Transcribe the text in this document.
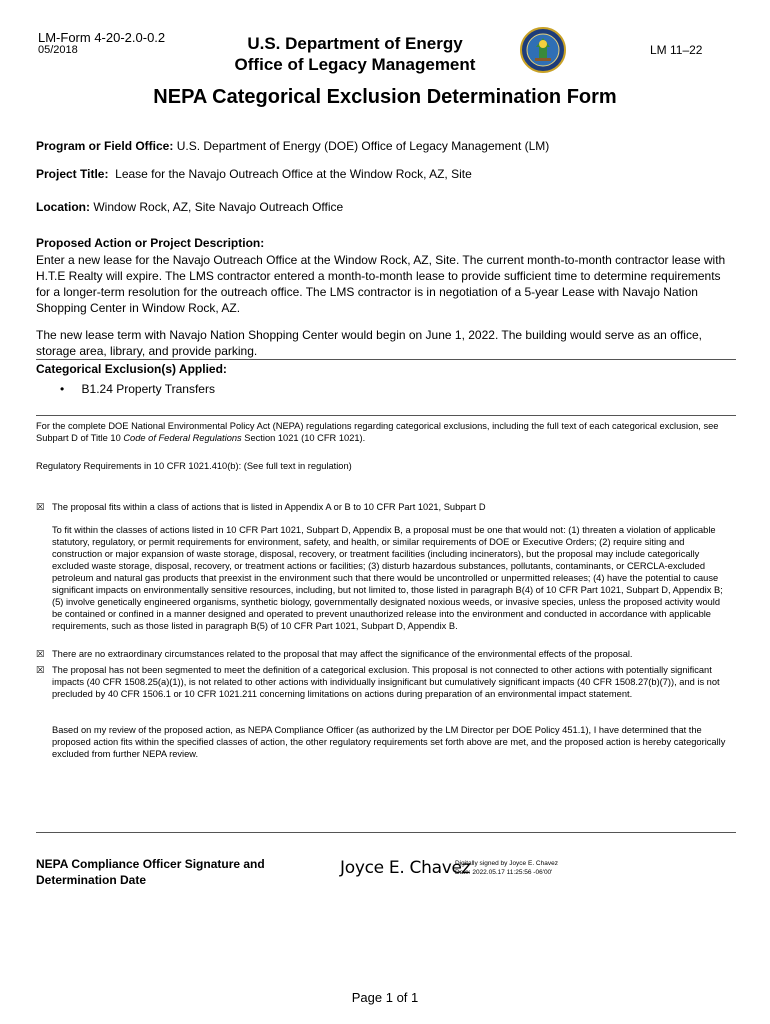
LM-Form 4-20-2.0-0.2
05/2018	U.S. Department of Energy
Office of Legacy Management
LM 11–22
NEPA Categorical Exclusion Determination Form
Program or Field Office: U.S. Department of Energy (DOE) Office of Legacy Management (LM)
Project Title: Lease for the Navajo Outreach Office at the Window Rock, AZ, Site
Location: Window Rock, AZ, Site Navajo Outreach Office
Proposed Action or Project Description:
Enter a new lease for the Navajo Outreach Office at the Window Rock, AZ, Site. The current month-to-month contractor lease with H.T.E Realty will expire. The LMS contractor entered a month-to-month lease to provide sufficient time to determine requirements for a longer-term resolution for the outreach office. The LMS contractor is in negotiation of a 5-year Lease with Navajo Nation Shopping Center in Window Rock, AZ.
The new lease term with Navajo Nation Shopping Center would begin on June 1, 2022. The building would serve as an office, storage area, library, and provide parking.
Categorical Exclusion(s) Applied:
• B1.24 Property Transfers
For the complete DOE National Environmental Policy Act (NEPA) regulations regarding categorical exclusions, including the full text of each categorical exclusion, see Subpart D of Title 10 Code of Federal Regulations Section 1021 (10 CFR 1021).
Regulatory Requirements in 10 CFR 1021.410(b): (See full text in regulation)
☒ The proposal fits within a class of actions that is listed in Appendix A or B to 10 CFR Part 1021, Subpart D
To fit within the classes of actions listed in 10 CFR Part 1021, Subpart D, Appendix B, a proposal must be one that would not: (1) threaten a violation of applicable statutory, regulatory, or permit requirements for environment, safety, and health, or similar requirements of DOE or Executive Orders; (2) require siting and construction or major expansion of waste storage, disposal, recovery, or treatment facilities (including incinerators), but the proposal may include categorically excluded waste storage, disposal, recovery, or treatment actions or facilities; (3) disturb hazardous substances, pollutants, contaminants, or CERCLA-excluded petroleum and natural gas products that preexist in the environment such that there would be uncontrolled or unpermitted releases; (4) have the potential to cause significant impacts on environmentally sensitive resources, including, but not limited to, those listed in paragraph B(4) of 10 CFR Part 1021, Subpart D, Appendix B; (5) involve genetically engineered organisms, synthetic biology, governmentally designated noxious weeds, or invasive species, unless the proposed activity would be contained or confined in a manner designed and operated to prevent unauthorized release into the environment and conducted in accordance with applicable requirements, such as those listed in paragraph B(5) of 10 CFR Part 1021, Subpart D, Appendix B.
☒ There are no extraordinary circumstances related to the proposal that may affect the significance of the environmental effects of the proposal.
☒ The proposal has not been segmented to meet the definition of a categorical exclusion. This proposal is not connected to other actions with potentially significant impacts (40 CFR 1508.25(a)(1)), is not related to other actions with individually insignificant but cumulatively significant impacts (40 CFR 1508.27(b)(7)), and is not precluded by 40 CFR 1506.1 or 10 CFR 1021.211 concerning limitations on actions during preparation of an environmental impact statement.
Based on my review of the proposed action, as NEPA Compliance Officer (as authorized by the LM Director per DOE Policy 451.1), I have determined that the proposed action fits within the specified classes of action, the other regulatory requirements set forth above are met, and the proposed action is hereby categorically excluded from further NEPA review.
NEPA Compliance Officer Signature and Determination Date
Joyce E. Chavez
Digitally signed by Joyce E. Chavez
Date: 2022.05.17 11:25:56 -06'00'
Page 1 of 1
